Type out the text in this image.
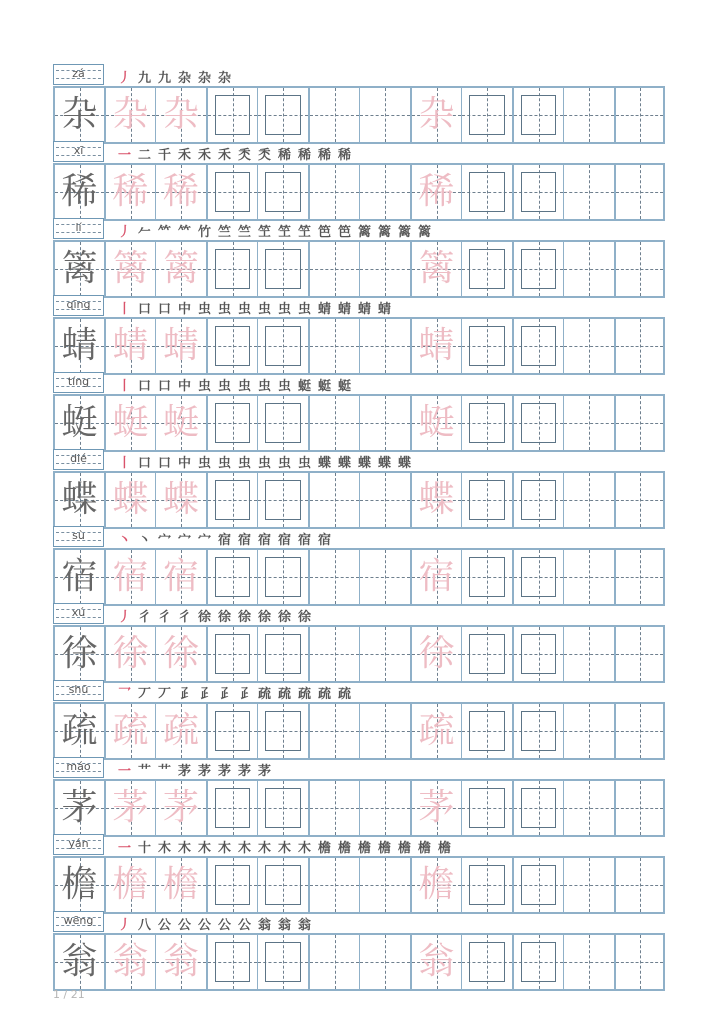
zá	丿 九 九 杂 杂 杂
杂 杂 杂	杂
xī	一 二 千 禾 禾 禾 秂 秂 稀 稀 稀 稀
稀 稀 稀	稀
lí	丿 𠂉 𥫗 𥫗 竹 竺 竺 笁 笁 笁 笆 笆 篱 篱 篱 篱
篱 篱 篱	篱
qīng	丨 口 口 中 虫 虫 虫 虫 虫 虫 蜻 蜻 蜻 蜻
蜻 蜻 蜻	蜻
tíng	丨 口 口 中 虫 虫 虫 虫 虫 蜓 蜓 蜓
蜓 蜓 蜓	蜓
dié	丨 口 口 中 虫 虫 虫 虫 虫 虫 蝶 蝶 蝶 蝶 蝶
蝶 蝶 蝶	蝶
sù	丶 丶 宀 宀 宀 宿 宿 宿 宿 宿 宿
宿 宿 宿	宿
xú	丿 彳 彳 彳 徐 徐 徐 徐 徐 徐
徐 徐 徐	徐
shū	乛 丆 丆 𤴔 𤴔 𤴔 𤴔 疏 疏 疏 疏 疏
疏 疏 疏	疏
máo	一 艹 艹 茅 茅 茅 茅 茅
茅 茅 茅	茅
yán	一 十 木 木 木 木 木 木 木 木 檐 檐 檐 檐 檐 檐 檐
檐 檐 檐	檐
wēng	丿 八 公 公 公 公 公 翁 翁 翁
翁 翁 翁	翁
1 / 21
